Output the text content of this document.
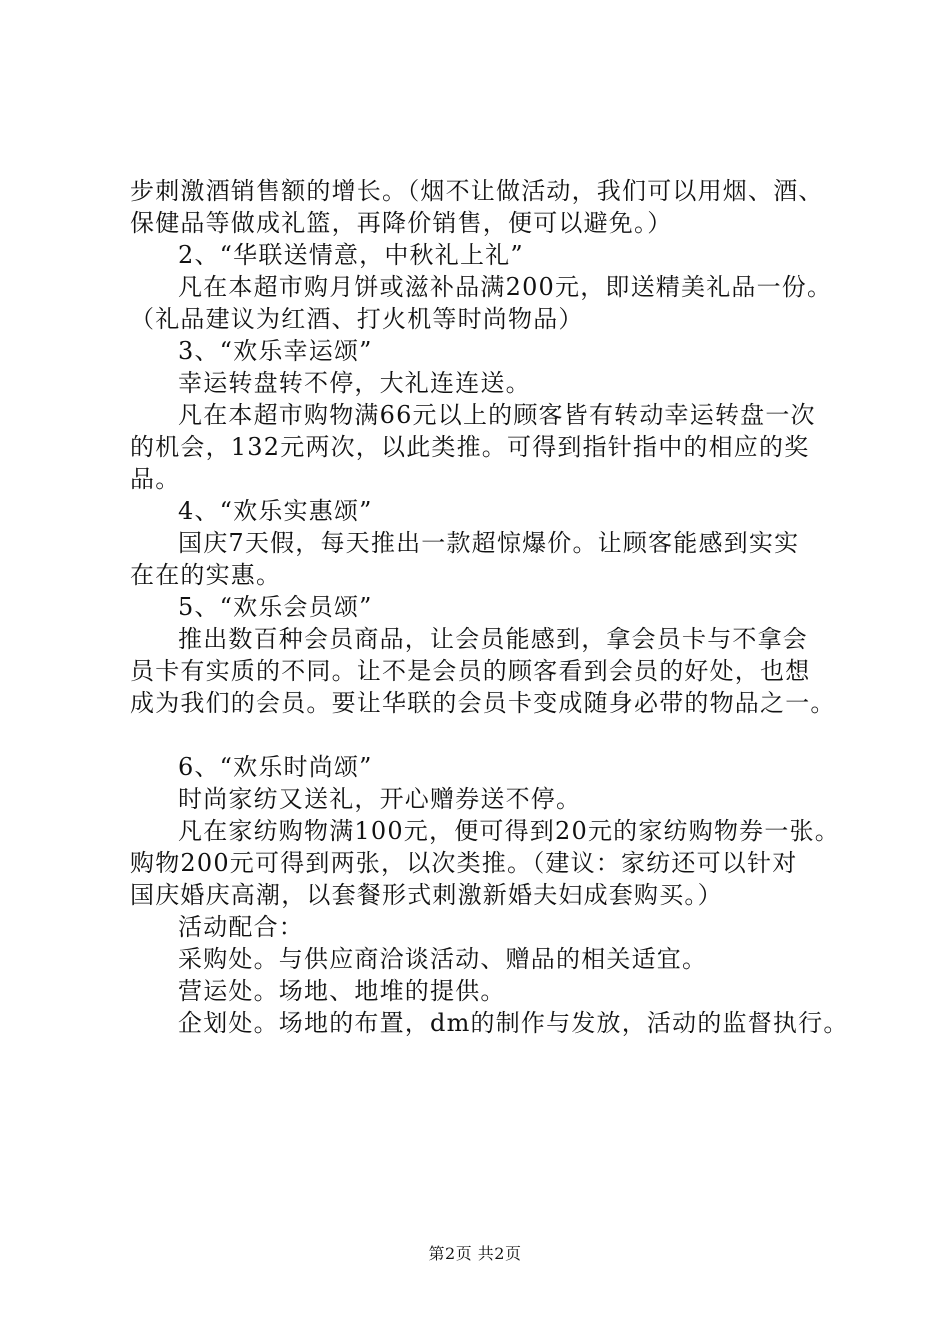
步刺激酒销售额的增长。（烟不让做活动，我们可以用烟、酒、
保健品等做成礼篮，再降价销售，便可以避免。）
2、“华联送情意，中秋礼上礼”
凡在本超市购月饼或滋补品满200元，即送精美礼品一份。
（礼品建议为红酒、打火机等时尚物品）
3、“欢乐幸运颂”
幸运转盘转不停，大礼连连送。
凡在本超市购物满66元以上的顾客皆有转动幸运转盘一次
的机会，132元两次，以此类推。可得到指针指中的相应的奖
品。
4、“欢乐实惠颂”
国庆7天假，每天推出一款超惊爆价。让顾客能感到实实
在在的实惠。
5、“欢乐会员颂”
推出数百种会员商品，让会员能感到，拿会员卡与不拿会
员卡有实质的不同。让不是会员的顾客看到会员的好处，也想
成为我们的会员。要让华联的会员卡变成随身必带的物品之一。
6、“欢乐时尚颂”
时尚家纺又送礼，开心赠券送不停。
凡在家纺购物满100元，便可得到20元的家纺购物券一张。
购物200元可得到两张，以次类推。（建议：家纺还可以针对
国庆婚庆高潮，以套餐形式刺激新婚夫妇成套购买。）
活动配合：
采购处。与供应商洽谈活动、赠品的相关适宜。
营运处。场地、地堆的提供。
企划处。场地的布置，dm的制作与发放，活动的监督执行。
第2页 共2页
